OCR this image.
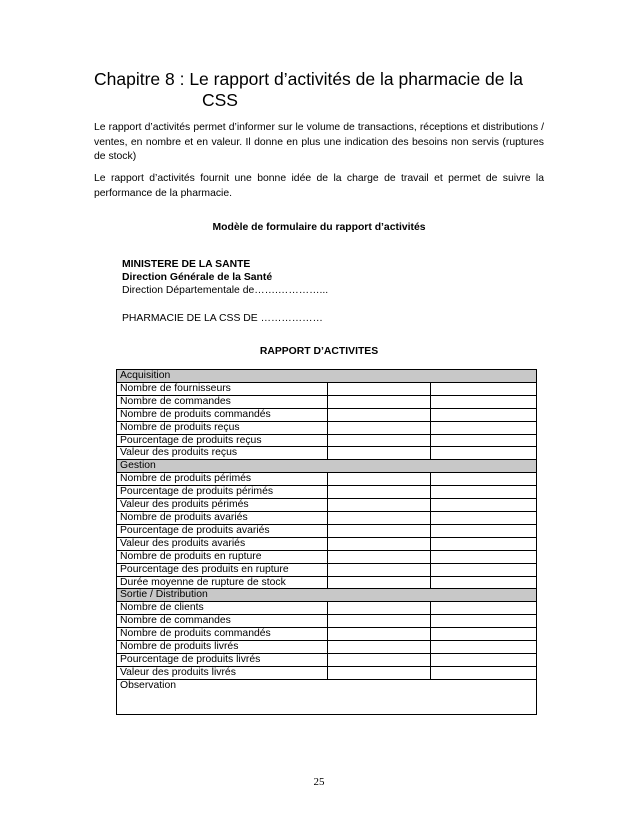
Chapitre 8 : Le rapport d’activités de la pharmacie de la
CSS
Le rapport d’activités permet d’informer sur le volume de transactions, réceptions et distributions / ventes, en nombre et en valeur. Il donne en plus une indication des besoins non servis (ruptures de stock)
Le rapport d’activités fournit une bonne idée de la charge de travail et permet de suivre la performance de la pharmacie.
Modèle de formulaire du rapport d’activités
MINISTERE DE LA SANTE
Direction Générale de la Santé
Direction Départementale de…….…………...
PHARMACIE DE LA CSS DE ………………
RAPPORT D’ACTIVITES
Acquisition		
Nombre de fournisseurs		
Nombre de commandes		
Nombre de produits commandés		
Nombre de produits reçus		
Pourcentage de produits reçus		
Valeur des produits reçus		
Gestion		
Nombre de produits périmés		
Pourcentage de produits périmés		
Valeur des produits périmés		
Nombre de produits avariés		
Pourcentage de produits avariés		
Valeur des produits avariés		
Nombre de produits en rupture		
Pourcentage des produits en rupture		
Durée moyenne de rupture de stock		
Sortie / Distribution		
Nombre de clients		
Nombre de commandes		
Nombre de produits commandés		
Nombre de produits livrés		
Pourcentage de produits livrés		
Valeur des produits livrés		
Observation		
25
